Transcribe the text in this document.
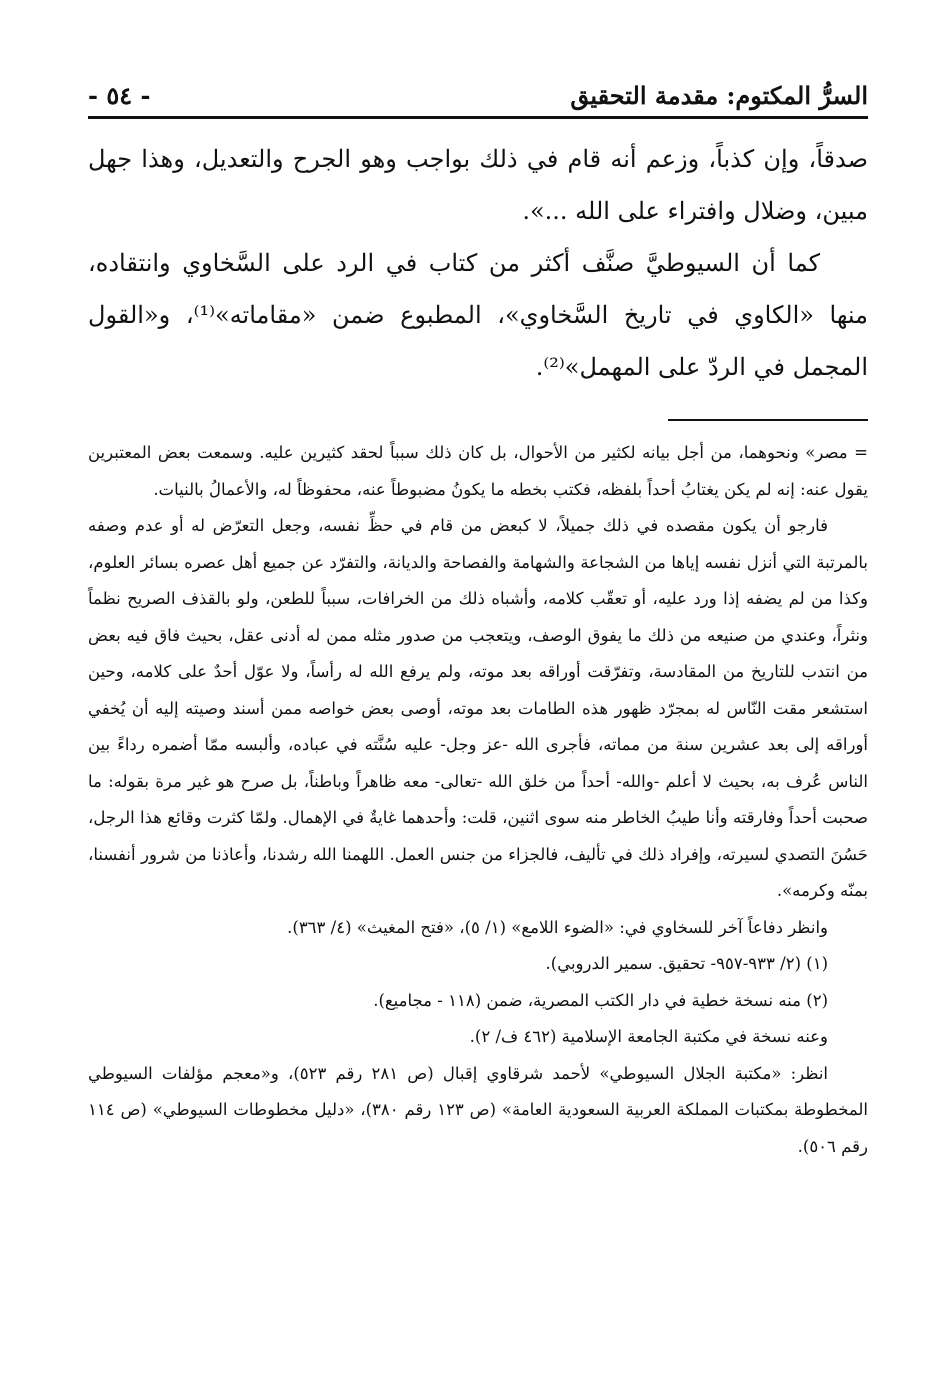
السرُّ المكتوم: مقدمة التحقيق
- ٥٤ -

صدقاً، وإن كذباً، وزعم أنه قام في ذلك بواجب وهو الجرح والتعديل، وهذا جهل مبين، وضلال وافتراء على الله ...».

كما أن السيوطيَّ صنَّف أكثر من كتاب في الرد على السَّخاوي وانتقاده، منها «الكاوي في تاريخ السَّخاوي»، المطبوع ضمن «مقاماته»⁽¹⁾، و«القول المجمل في الردّ على المهمل»⁽²⁾.

= مصر» ونحوهما، من أجل بيانه لكثير من الأحوال، بل كان ذلك سبباً لحقد كثيرين عليه. وسمعت بعض المعتبرين يقول عنه: إنه لم يكن يغتابُ أحداً بلفظه، فكتب بخطه ما يكونُ مضبوطاً عنه، محفوظاً له، والأعمالُ بالنيات.

فارجو أن يكون مقصده في ذلك جميلاً، لا كبعض من قام في حظِّ نفسه، وجعل التعرّض له أو عدم وصفه بالمرتبة التي أنزل نفسه إياها من الشجاعة والشهامة والفصاحة والديانة، والتفرّد عن جميع أهل عصره بسائر العلوم، وكذا من لم يضفه إذا ورد عليه، أو تعقّب كلامه، وأشباه ذلك من الخرافات، سبباً للطعن، ولو بالقذف الصريح نظماً ونثراً، وعندي من صنيعه من ذلك ما يفوق الوصف، ويتعجب من صدور مثله ممن له أدنى عقل، بحيث فاق فيه بعض من انتدب للتاريخ من المقادسة، وتفرّقت أوراقه بعد موته، ولم يرفع الله له رأساً، ولا عوّل أحدٌ على كلامه، وحين استشعر مقت النّاس له بمجرّد ظهور هذه الطامات بعد موته، أوصى بعض خواصه ممن أسند وصيته إليه أن يُخفي أوراقه إلى بعد عشرين سنة من مماته، فأجرى الله -عز وجل- عليه سُنَّته في عباده، وألبسه ممّا أضمره رداءً بين الناس عُرف به، بحيث لا أعلم -والله- أحداً من خلق الله -تعالى- معه ظاهراً وباطناً، بل صرح هو غير مرة بقوله: ما صحبت أحداً وفارقته وأنا طيبُ الخاطر منه سوى اثنين، قلت: وأحدهما غايةٌ في الإهمال. ولمّا كثرت وقائع هذا الرجل، حَسُنَ التصدي لسيرته، وإفراد ذلك في تأليف، فالجزاء من جنس العمل. اللهمنا الله رشدنا، وأعاذنا من شرور أنفسنا، بمنّه وكرمه».

وانظر دفاعاً آخر للسخاوي في: «الضوء اللامع» (١/ ٥)، «فتح المغيث» (٤/ ٣٦٣).

(١) (٢/ ٩٣٣-٩٥٧- تحقيق. سمير الدروبي).

(٢) منه نسخة خطية في دار الكتب المصرية، ضمن (١١٨ - مجاميع).

وعنه نسخة في مكتبة الجامعة الإسلامية (٤٦٢ ف/ ٢).

انظر: «مكتبة الجلال السيوطي» لأحمد شرقاوي إقبال (ص ٢٨١ رقم ٥٢٣)، و«معجم مؤلفات السيوطي المخطوطة بمكتبات المملكة العربية السعودية العامة» (ص ١٢٣ رقم ٣٨٠)، «دليل مخطوطات السيوطي» (ص ١١٤ رقم ٥٠٦).
